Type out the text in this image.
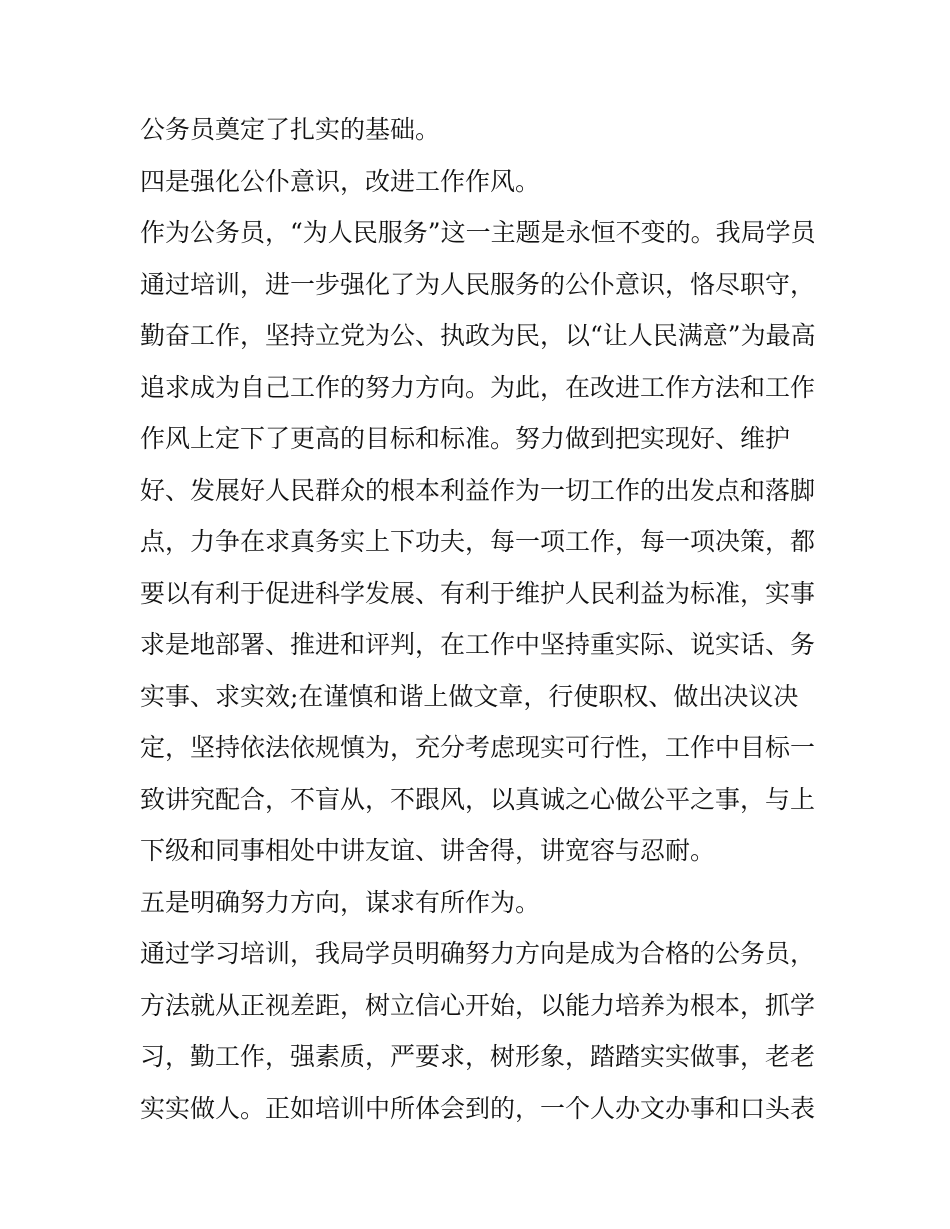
公务员奠定了扎实的基础。
四是强化公仆意识，改进工作作风。
作为公务员，“为人民服务”这一主题是永恒不变的。我局学员
通过培训，进一步强化了为人民服务的公仆意识，恪尽职守，
勤奋工作，坚持立党为公、执政为民，以“让人民满意”为最高
追求成为自己工作的努力方向。为此，在改进工作方法和工作
作风上定下了更高的目标和标准。努力做到把实现好、维护
好、发展好人民群众的根本利益作为一切工作的出发点和落脚
点，力争在求真务实上下功夫，每一项工作，每一项决策，都
要以有利于促进科学发展、有利于维护人民利益为标准，实事
求是地部署、推进和评判，在工作中坚持重实际、说实话、务
实事、求实效;在谨慎和谐上做文章，行使职权、做出决议决
定，坚持依法依规慎为，充分考虑现实可行性，工作中目标一
致讲究配合，不盲从，不跟风，以真诚之心做公平之事，与上
下级和同事相处中讲友谊、讲舍得，讲宽容与忍耐。
五是明确努力方向，谋求有所作为。
通过学习培训，我局学员明确努力方向是成为合格的公务员，
方法就从正视差距，树立信心开始，以能力培养为根本，抓学
习，勤工作，强素质，严要求，树形象，踏踏实实做事，老老
实实做人。正如培训中所体会到的，一个人办文办事和口头表
